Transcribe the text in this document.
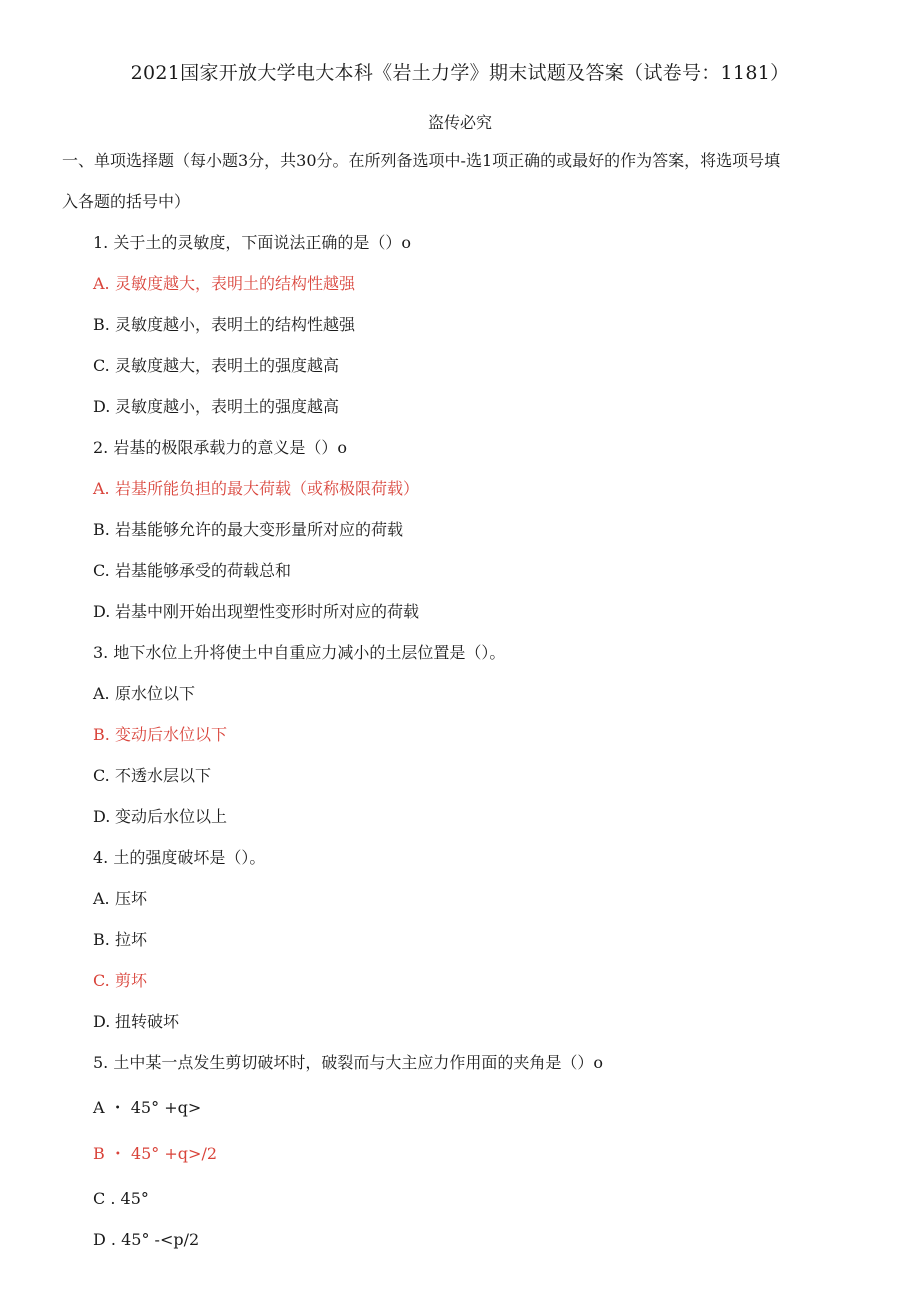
2021国家开放大学电大本科《岩土力学》期末试题及答案（试卷号：1181）
盗传必究
一、单项选择题（每小题3分，共30分。在所列备选项中-选1项正确的或最好的作为答案，将选项号填
入各题的括号中）
1. 关于土的灵敏度，下面说法正确的是（）o
A. 灵敏度越大，表明土的结构性越强
B. 灵敏度越小，表明土的结构性越强
C. 灵敏度越大，表明土的强度越高
D. 灵敏度越小，表明土的强度越高
2. 岩基的极限承载力的意义是（）o
A. 岩基所能负担的最大荷载（或称极限荷载）
B. 岩基能够允许的最大变形量所对应的荷载
C. 岩基能够承受的荷载总和
D. 岩基中刚开始出现塑性变形时所对应的荷载
3. 地下水位上升将使土中自重应力减小的土层位置是（）。
A. 原水位以下
B. 变动后水位以下
C. 不透水层以下
D. 变动后水位以上
4. 土的强度破坏是（）。
A. 压坏
B. 拉坏
C. 剪坏
D. 扭转破坏
5. 土中某一点发生剪切破坏时，破裂而与大主应力作用面的夹角是（）o
A ・ 45° +q>
B ・ 45° +q>/2
C . 45°
D . 45° -<p/2
